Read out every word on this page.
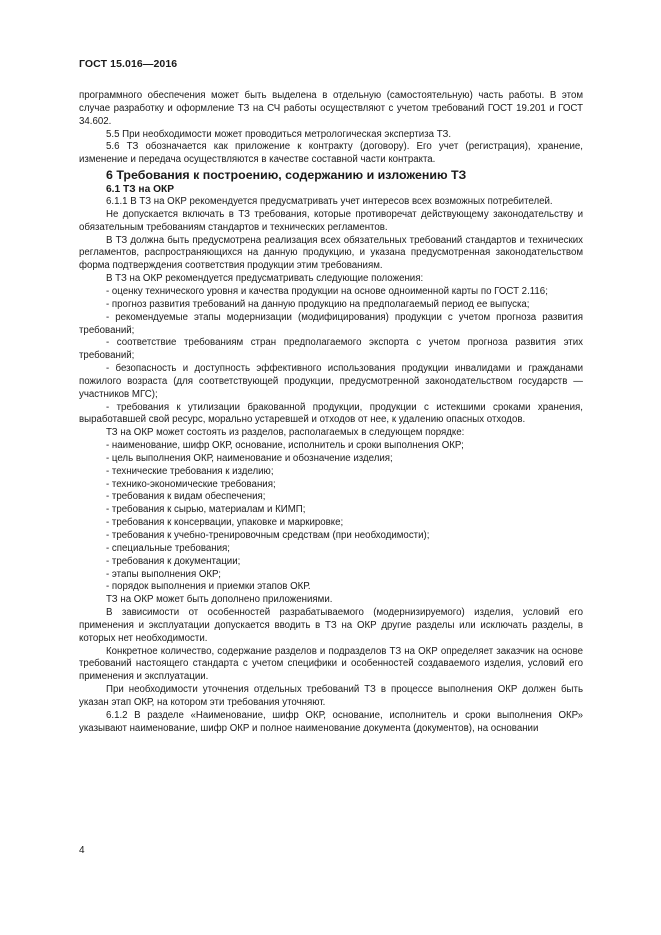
ГОСТ 15.016—2016

программного обеспечения может быть выделена в отдельную (самостоятельную) часть работы. В этом случае разработку и оформление ТЗ на СЧ работы осуществляют с учетом требований ГОСТ 19.201 и ГОСТ 34.602.

5.5 При необходимости может проводиться метрологическая экспертиза ТЗ.

5.6 ТЗ обозначается как приложение к контракту (договору). Его учет (регистрация), хранение, изменение и передача осуществляются в качестве составной части контракта.

6 Требования к построению, содержанию и изложению ТЗ

6.1 ТЗ на ОКР

6.1.1 В ТЗ на ОКР рекомендуется предусматривать учет интересов всех возможных потребителей.

Не допускается включать в ТЗ требования, которые противоречат действующему законодательству и обязательным требованиям стандартов и технических регламентов.

В ТЗ должна быть предусмотрена реализация всех обязательных требований стандартов и технических регламентов, распространяющихся на данную продукцию, и указана предусмотренная законодательством форма подтверждения соответствия продукции этим требованиям.

В ТЗ на ОКР рекомендуется предусматривать следующие положения:

- оценку технического уровня и качества продукции на основе одноименной карты по ГОСТ 2.116;

- прогноз развития требований на данную продукцию на предполагаемый период ее выпуска;

- рекомендуемые этапы модернизации (модифицирования) продукции с учетом прогноза развития требований;

- соответствие требованиям стран предполагаемого экспорта с учетом прогноза развития этих требований;

- безопасность и доступность эффективного использования продукции инвалидами и гражданами пожилого возраста (для соответствующей продукции, предусмотренной законодательством государств — участников МГС);

- требования к утилизации бракованной продукции, продукции с истекшими сроками хранения, выработавшей свой ресурс, морально устаревшей и отходов от нее, к удалению опасных отходов.

ТЗ на ОКР может состоять из разделов, располагаемых в следующем порядке:

- наименование, шифр ОКР, основание, исполнитель и сроки выполнения ОКР;

- цель выполнения ОКР, наименование и обозначение изделия;

- технические требования к изделию;

- технико-экономические требования;

- требования к видам обеспечения;

- требования к сырью, материалам и КИМП;

- требования к консервации, упаковке и маркировке;

- требования к учебно-тренировочным средствам (при необходимости);

- специальные требования;

- требования к документации;

- этапы выполнения ОКР;

- порядок выполнения и приемки этапов ОКР.

ТЗ на ОКР может быть дополнено приложениями.

В зависимости от особенностей разрабатываемого (модернизируемого) изделия, условий его применения и эксплуатации допускается вводить в ТЗ на ОКР другие разделы или исключать разделы, в которых нет необходимости.

Конкретное количество, содержание разделов и подразделов ТЗ на ОКР определяет заказчик на основе требований настоящего стандарта с учетом специфики и особенностей создаваемого изделия, условий его применения и эксплуатации.

При необходимости уточнения отдельных требований ТЗ в процессе выполнения ОКР должен быть указан этап ОКР, на котором эти требования уточняют.

6.1.2 В разделе «Наименование, шифр ОКР, основание, исполнитель и сроки выполнения ОКР» указывают наименование, шифр ОКР и полное наименование документа (документов), на основании

4
